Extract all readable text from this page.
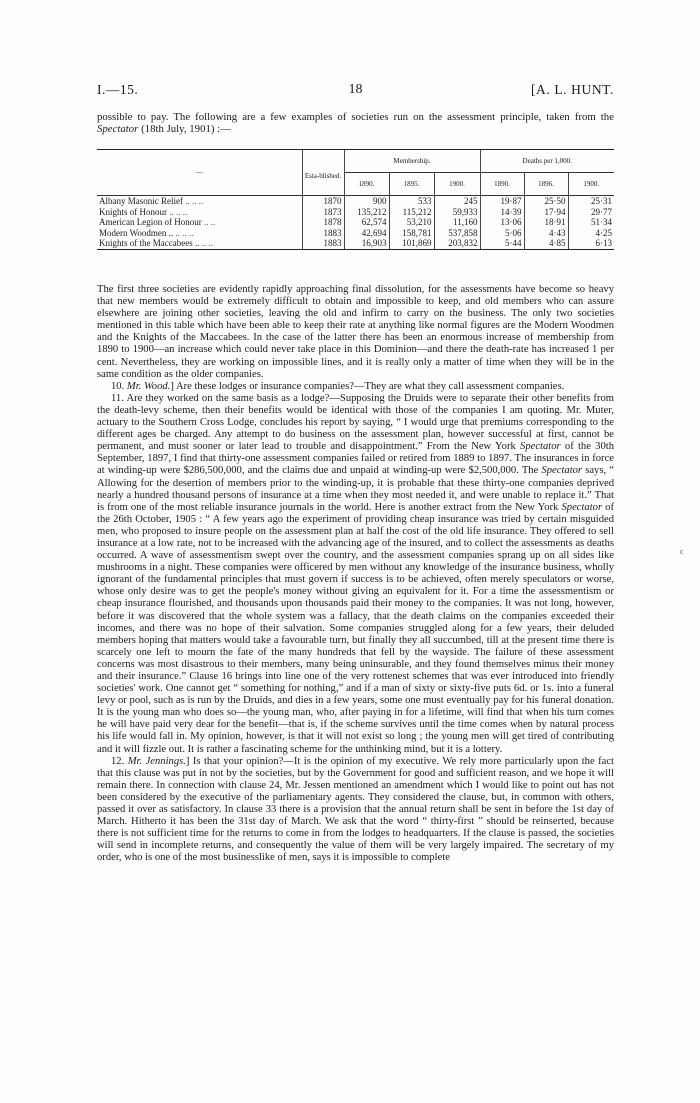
I.—15.	18	[A. L. HUNT.

possible to pay. The following are a few examples of societies run on the assessment principle, taken from the Spectator (18th July, 1901) :—

—	Esta-blished.	Membership.			Deaths per 1,000.		
		1890.	1895.	1900.	1890.	1896.	1900.
Albany Masonic Relief .. .. ..	1870	900	533	245	19·87	25·50	25·31
Knights of Honour .. .. ..	1873	135,212	115,212	59,933	14·39	17·94	29·77
American Legion of Honour .. ..	1878	62,574	53,210	11,160	13·06	18·91	51·34
Modern Woodmen .. .. .. ..	1883	42,694	158,781	537,858	5·06	4·43	4·25
Knights of the Maccabees .. .. ..	1883	16,903	101,869	203,832	5·44	4·85	6·13

The first three societies are evidently rapidly approaching final dissolution, for the assessments have become so heavy that new members would be extremely difficult to obtain and impossible to keep, and old members who can assure elsewhere are joining other societies, leaving the old and infirm to carry on the business. The only two societies mentioned in this table which have been able to keep their rate at anything like normal figures are the Modern Woodmen and the Knights of the Maccabees. In the case of the latter there has been an enormous increase of membership from 1890 to 1900—an increase which could never take place in this Dominion—and there the death-rate has increased 1 per cent. Nevertheless, they are working on impossible lines, and it is really only a matter of time when they will be in the same condition as the older companies.

10. Mr. Wood.] Are these lodges or insurance companies?—They are what they call assessment companies.

11. Are they worked on the same basis as a lodge?—Supposing the Druids were to separate their other benefits from the death-levy scheme, then their benefits would be identical with those of the companies I am quoting. Mr. Muter, actuary to the Southern Cross Lodge, concludes his report by saying, “ I would urge that premiums corresponding to the different ages be charged. Any attempt to do business on the assessment plan, however successful at first, cannot be permanent, and must sooner or later lead to trouble and disappointment.” From the New York Spectator of the 30th September, 1897, I find that thirty-one assessment companies failed or retired from 1889 to 1897. The insurances in force at winding-up were $286,500,000, and the claims due and unpaid at winding-up were $2,500,000. The Spectator says, “ Allowing for the desertion of members prior to the winding-up, it is probable that these thirty-one companies deprived nearly a hundred thousand persons of insurance at a time when they most needed it, and were unable to replace it.” That is from one of the most reliable insurance journals in the world. Here is another extract from the New York Spectator of the 26th October, 1905 : “ A few years ago the experiment of providing cheap insurance was tried by certain misguided men, who proposed to insure people on the assessment plan at half the cost of the old life insurance. They offered to sell insurance at a low rate, not to be increased with the advancing age of the insured, and to collect the assessments as deaths occurred. A wave of assessmentism swept over the country, and the assessment companies sprang up on all sides like mushrooms in a night. These companies were officered by men without any knowledge of the insurance business, wholly ignorant of the fundamental principles that must govern if success is to be achieved, often merely speculators or worse, whose only desire was to get the people's money without giving an equivalent for it. For a time the assessmentism or cheap insurance flourished, and thousands upon thousands paid their money to the companies. It was not long, however, before it was discovered that the whole system was a fallacy, that the death claims on the companies exceeded their incomes, and there was no hope of their salvation. Some companies struggled along for a few years, their deluded members hoping that matters would take a favourable turn, but finally they all succumbed, till at the present time there is scarcely one left to mourn the fate of the many hundreds that fell by the wayside. The failure of these assessment concerns was most disastrous to their members, many being uninsurable, and they found themselves minus their money and their insurance.” Clause 16 brings into line one of the very rottenest schemes that was ever introduced into friendly societies' work. One cannot get “ something for nothing,” and if a man of sixty or sixty-five puts 6d. or 1s. into a funeral levy or pool, such as is run by the Druids, and dies in a few years, some one must eventually pay for his funeral donation. It is the young man who does so—the young man, who, after paying in for a lifetime, will find that when his turn comes he will have paid very dear for the benefit—that is, if the scheme survives until the time comes when by natural process his life would fall in. My opinion, however, is that it will not exist so long ; the young men will get tired of contributing and it will fizzle out. It is rather a fascinating scheme for the unthinking mind, but it is a lottery.

12. Mr. Jennings.] Is that your opinion?—It is the opinion of my executive. We rely more particularly upon the fact that this clause was put in not by the societies, but by the Government for good and sufficient reason, and we hope it will remain there. In connection with clause 24, Mr. Jessen mentioned an amendment which I would like to point out has not been considered by the executive of the parliamentary agents. They considered the clause, but, in common with others, passed it over as satisfactory. In clause 33 there is a provision that the annual return shall be sent in before the 1st day of March. Hitherto it has been the 31st day of March. We ask that the word “ thirty-first ” should be reinserted, because there is not sufficient time for the returns to come in from the lodges to headquarters. If the clause is passed, the societies will send in incomplete returns, and consequently the value of them will be very largely impaired. The secretary of my order, who is one of the most businesslike of men, says it is impossible to complete

c
